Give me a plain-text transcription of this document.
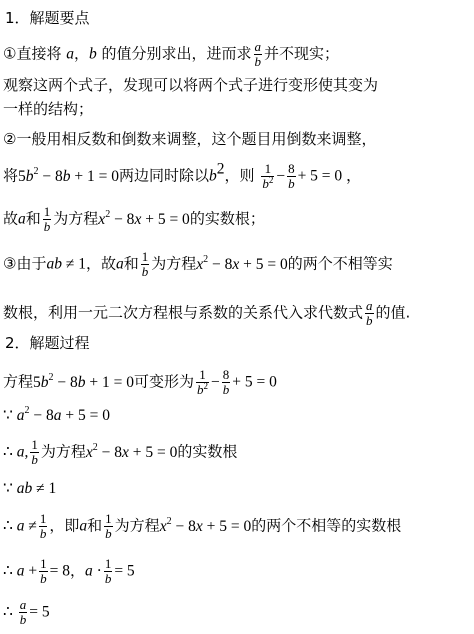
1．解题要点
①直接将 a，b 的值分别求出，进而求 $\frac{a}{b}$ 并不现实；
观察这两个式子，发现可以将两个式子进行变形使其变为
一样的结构；
②一般用相反数和倒数来调整，这个题目用倒数来调整，
将$5b^2 - 8b + 1 = 0$两边同时除以$b^2$，则 $\frac{1}{b^2} - \frac{8}{b} + 5 = 0$ ，
故a和 $\frac{1}{b}$ 为方程$x^2 - 8x + 5 = 0$的实数根；
③由于ab ≠ 1，故a和 $\frac{1}{b}$ 为方程$x^2 - 8x + 5 = 0$的两个不相等实
数根，利用一元二次方程根与系数的关系代入求代数式 $\frac{a}{b}$ 的值.
2．解题过程
方程$5b^2 - 8b + 1 = 0$可变形为 $\frac{1}{b^2} - \frac{8}{b} + 5 = 0$
∵ $a^2 - 8a + 5 = 0$
∴ a, $\frac{1}{b}$ 为方程$x^2 - 8x + 5 = 0$的实数根
∵ ab ≠ 1
∴ $a \ne \frac{1}{b}$ ，即a和 $\frac{1}{b}$ 为方程$x^2 - 8x + 5 = 0$的两个不相等的实数根
∴ $a + \frac{1}{b} = 8$，$a \cdot \frac{1}{b} = 5$
∴ $\frac{a}{b} = 5$
